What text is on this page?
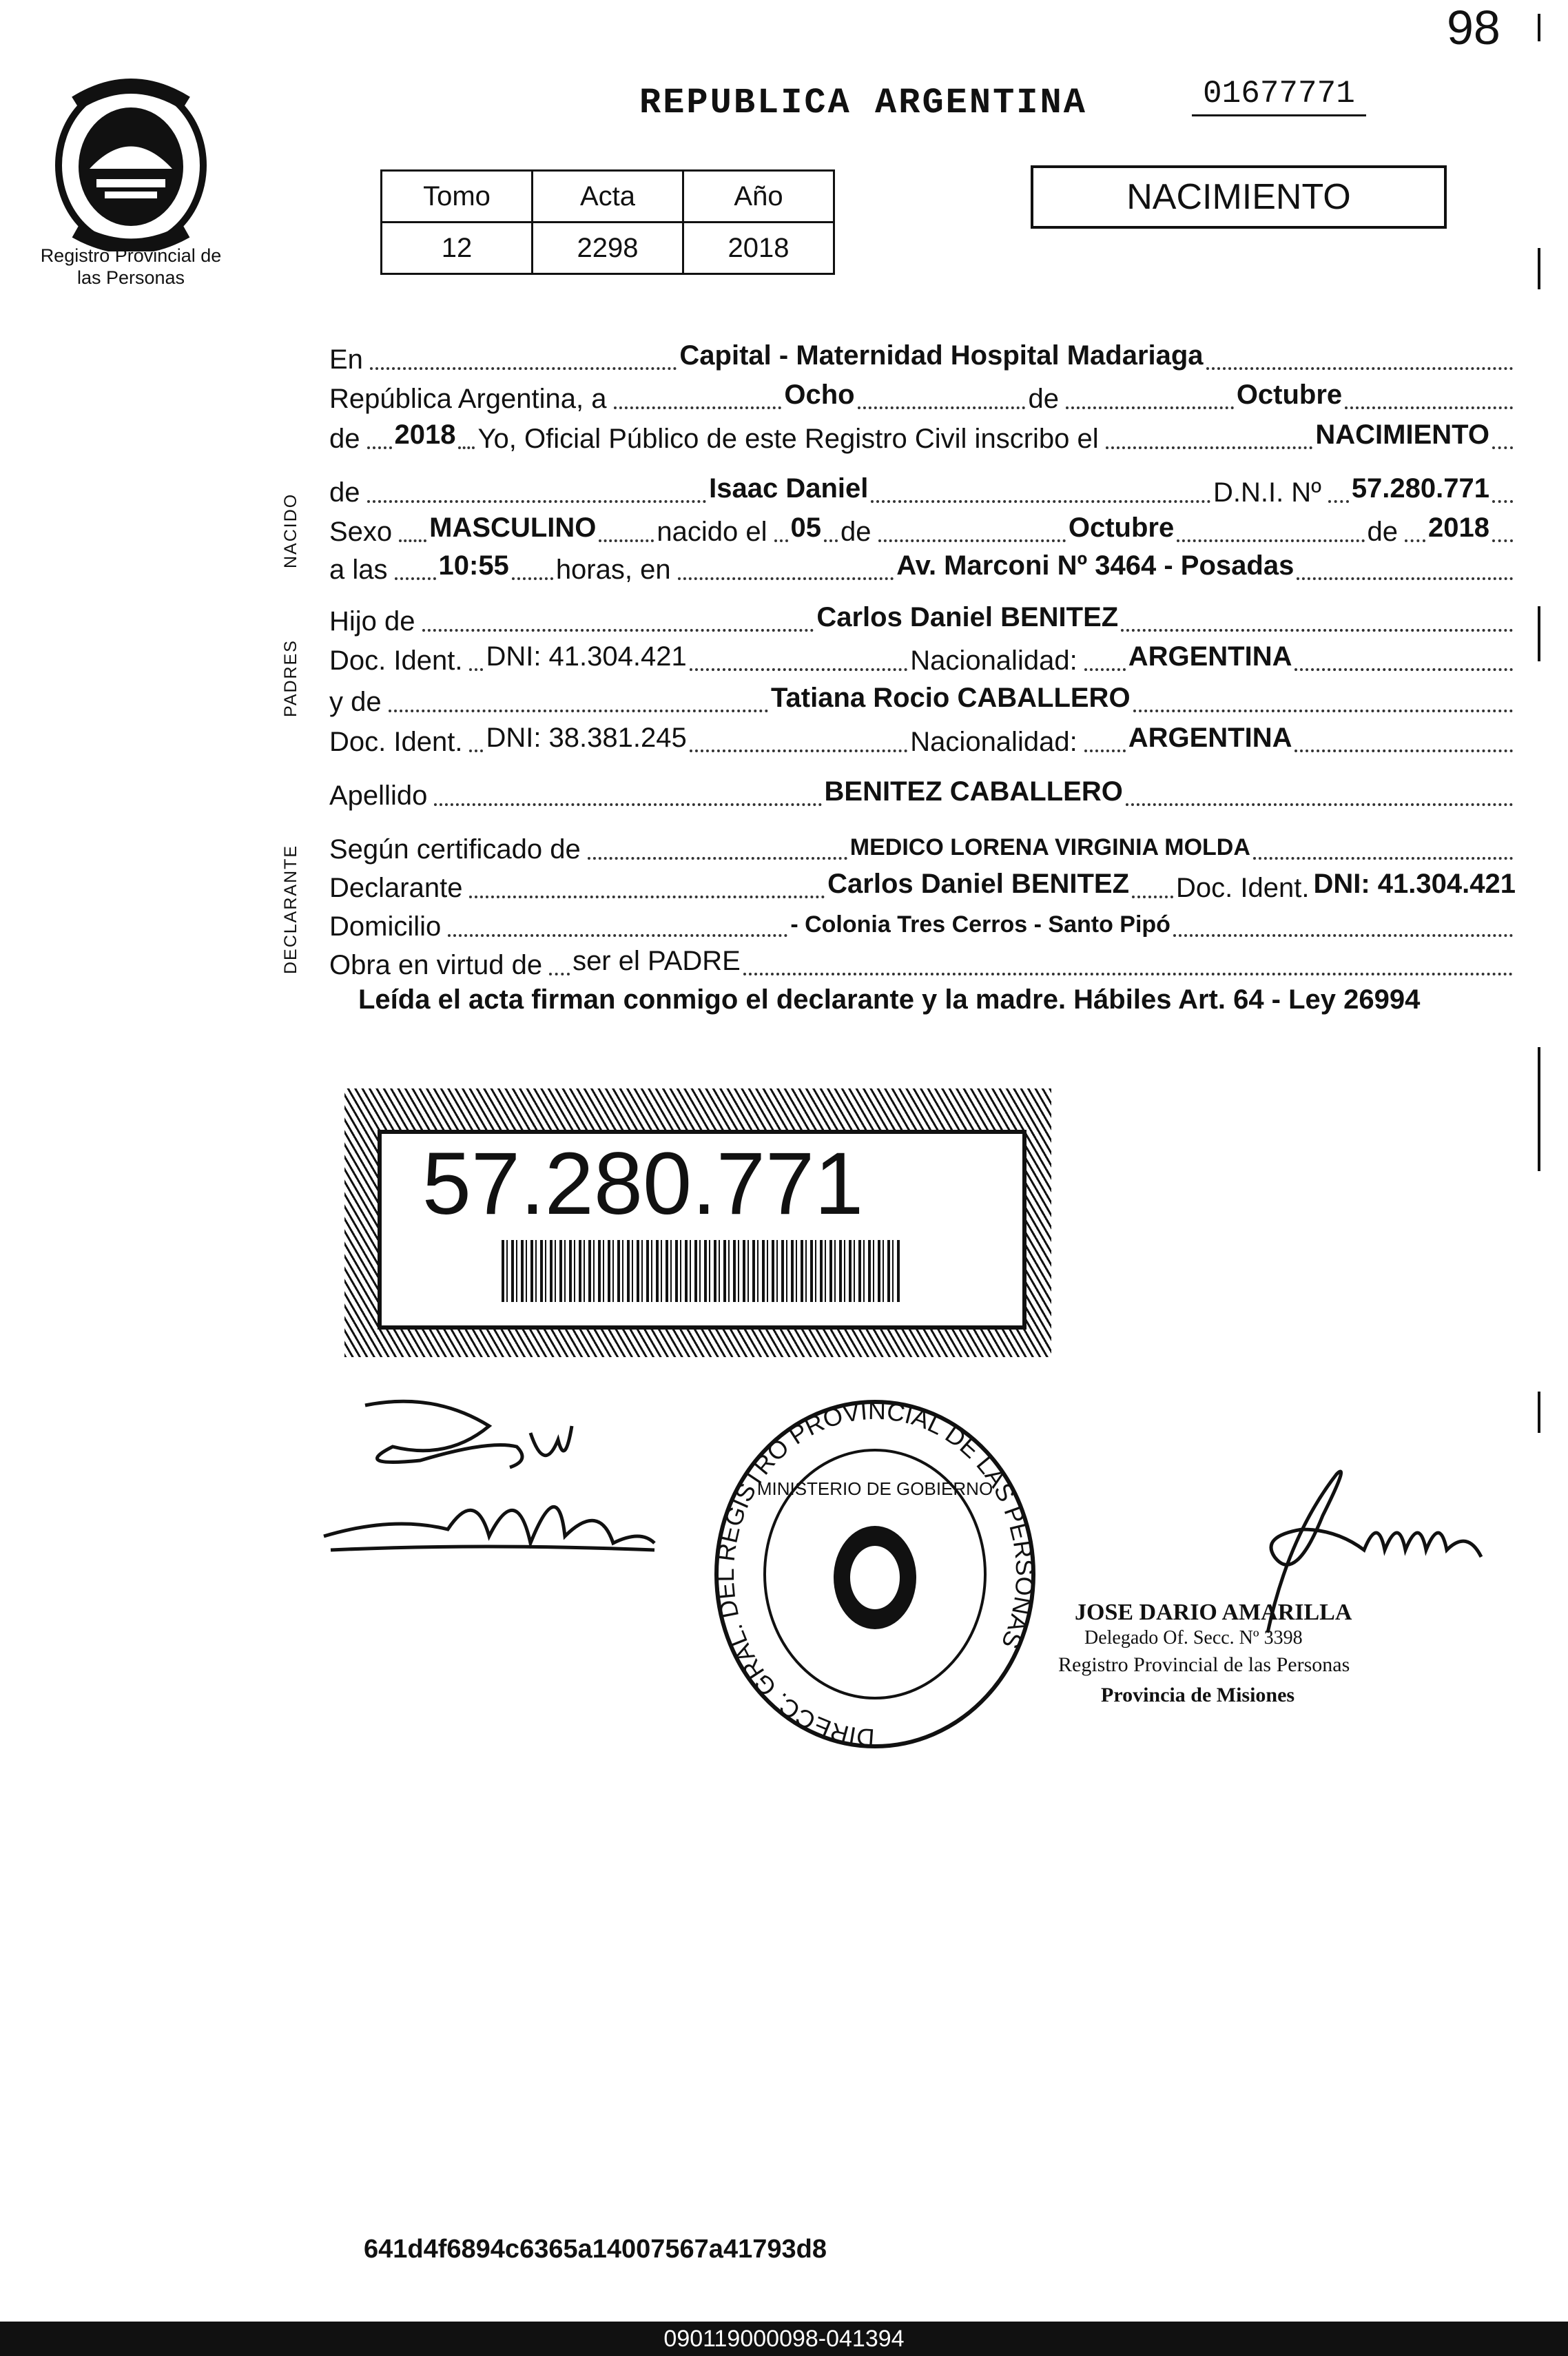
98
Registro Provincial de las Personas
REPUBLICA ARGENTINA	01677771
Tomo	Acta	Año
12	2298	2018
NACIMIENTO
NACIDO
PADRES
DECLARANTE
En	Capital - Maternidad Hospital Madariaga
República Argentina, a	Ocho	de	Octubre
de 2018 Yo, Oficial Público de este Registro Civil inscribo el	NACIMIENTO
de	Isaac Daniel	D.N.I. Nº 57.280.771
Sexo MASCULINO nacido el 05 de	Octubre	de 2018
a las 10:55 horas, en	Av. Marconi Nº 3464 - Posadas
Hijo de	Carlos Daniel BENITEZ
Doc. Ident. DNI: 41.304.421	Nacionalidad: ARGENTINA
y de	Tatiana Rocio CABALLERO
Doc. Ident. DNI: 38.381.245	Nacionalidad: ARGENTINA
Apellido	BENITEZ CABALLERO
Según certificado de	MEDICO LORENA VIRGINIA MOLDA
Declarante	Carlos Daniel BENITEZ Doc. Ident. DNI: 41.304.421
Domicilio	- Colonia Tres Cerros - Santo Pipó
Obra en virtud de ser el PADRE
Leída el acta firman conmigo el declarante y la madre. Hábiles Art. 64 - Ley 26994
57.280.771
DIRECC. GRAL. DEL REGISTRO PROVINCIAL DE LAS PERSONAS
MINISTERIO DE GOBIERNO
JOSE DARIO AMARILLA
Delegado Of. Secc. Nº 3398
Registro Provincial de las Personas
Provincia de Misiones
641d4f6894c6365a14007567a41793d8
090119000098-041394
